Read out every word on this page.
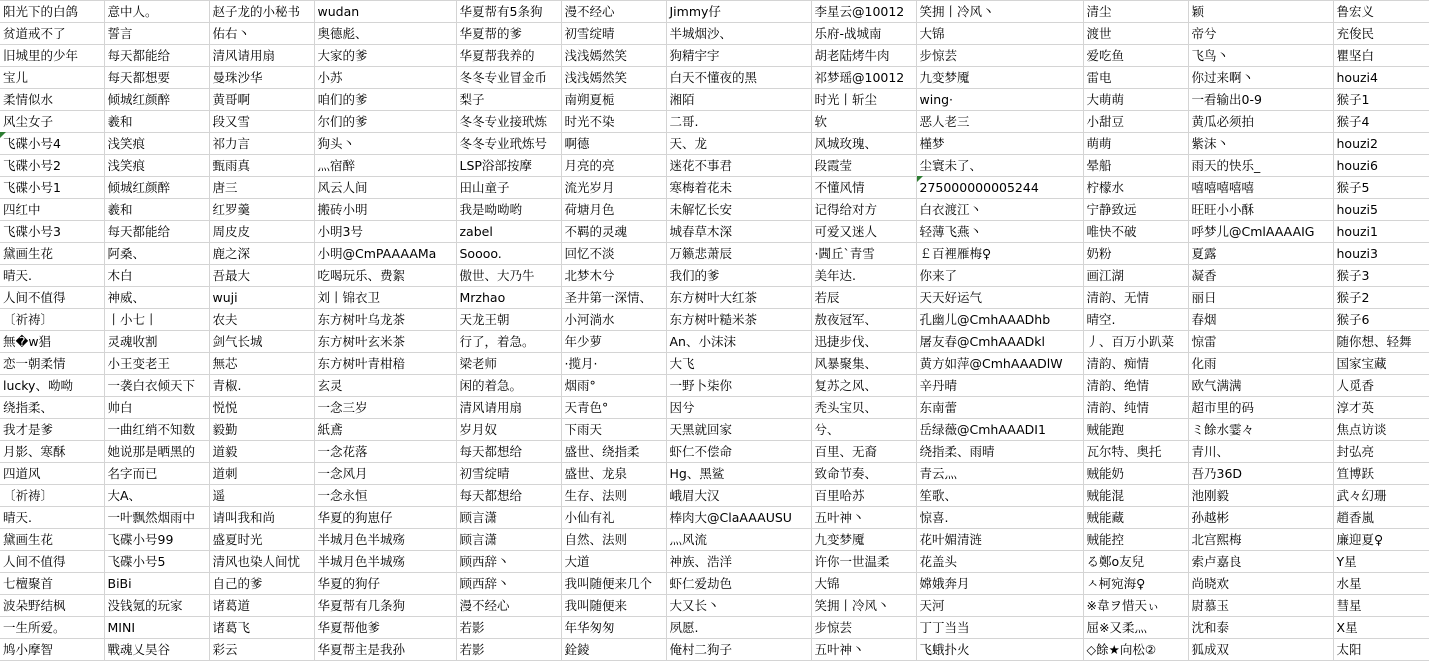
阳光下的白鸽	意中人。	赵子龙的小秘书	wudan	华夏帮有5条狗	漫不经心	Jimmy仔	李星云@10012	笑拥丨冷风丶	清尘	颖	鲁宏义
贫道戒不了	誓言	佑右丶	奥德彪、	华夏帮的爹	初雪绽晴	半城烟沙、	乐府-战城南	大锦	渡世	帝兮	充俊民
旧城里的少年	每天都能给	清风请用扇	大家的爹	华夏帮我养的	浅浅嫣然笑	狗精宇宇	胡老陆烤牛肉	步惊芸	爱吃鱼	飞鸟丶	瞿坚白
宝儿	每天都想要	曼珠沙华	小苏	冬冬专业冒金币	浅浅嫣然笑	白天不懂夜的黑	祁梦瑶@10012	九变梦魇	雷电	你过来啊丶	houzi4
柔情似水	倾城红颜醉	黄哥啊	咱们的爹	梨子	南朔夏栀	湘陌	时光丨斩尘	wing·	大萌萌	一看输出0-9	猴子1
风尘女子	羲和	段又雪	尔们的爹	冬冬专业接玳炼	时光不染	二哥.	软	恶人老三	小甜豆	黄瓜必须拍	猴子4
飞碟小号4	浅笑痕	祁力言	狗头丶	冬冬专业玳炼号	啊德	天、龙	风城玫瑰、	槿梦	萌萌	紫沫丶	houzi2
飞碟小号2	浅笑痕	甄雨真	灬宿醉	LSP浴部按摩	月亮的亮	迷花不事君	段霞莹	尘寰未了、	晕船	雨天的快乐_	houzi6
飞碟小号1	倾城红颜醉	唐三	风云人间	田山童子	流光岁月	寒梅着花未	不懂风情	275000000005244	柠檬水	嘻嘻嘻嘻嘻	猴子5
四红中	羲和	红罗羹	搬砖小明	我是呦呦哟	荷塘月色	未解忆长安	记得给对方	白衣渡江丶	宁静致远	旺旺小小酥	houzi5
飞碟小号3	每天都能给	周皮皮	小明3号	zabel	不羁的灵魂	城春草木深	可爱又迷人	轻薄飞燕丶	唯快不破	呼梦儿@CmlAAAAIG	houzi1
黛画生花	阿桑、	鹿之深	小明@CmPAAAAMa	Soooo.	回忆不淡	万籁悲萧辰	·閪丘`青雪	￡百裡雁梅♀	奶粉	夏露	houzi3
晴天.	木白	吾最大	吃喝玩乐、费絮	傲世、大乃牛	北梦木兮	我们的爹	美年达.	你来了	画江湖	凝香	猴子3
人间不值得	神威、	wuji	刘丨锦衣卫	Mrzhao	圣井第一深情、	东方树叶大红茶	若辰	天天好运气	清韵、无情	丽日	猴子2
〔祈祷〕	丨小七丨	农夫	东方树叶乌龙茶	天龙王朝	小河淌水	东方树叶糙米茶	敖夜冠军、	孔幽儿@CmhAAADhb	晴空.	春烟	猴子6
無�w猖	灵魂收割	剑气长城	东方树叶玄米茶	行了，着急。	年少萝	An、小沫沫	迅捷步伐、	屠友春@CmhAAADkl	丿、百万小趴菜	惊雷	随你想、轻舞
恋一朝柔情	小王变老王	無芯	东方树叶青柑䅧	梁老师	·揽月·	大飞	风暴聚集、	黄方如萍@CmhAAADlW	清韵、痴情	化雨	国家宝藏
lucky、呦呦	一袭白衣倾天下	青椒.	玄灵	闲的着急。	烟雨°	一野卜柒你	复苏之风、	辛丹晴	清韵、绝情	欧气满满	人觅香
绕指柔、	帅白	悦悦	一念三岁	清风请用扇	天青色°	因兮	秃头宝贝、	东南蕾	清韵、纯情	超市里的码	淳才英
我才是爹	一曲红绡不知数	毅勤	紙鳶	岁月奴	下雨天	天黑就回家	兮、	岳绿薇@CmhAAADI1	贼能跑	ミ餘水霎々	焦点访谈
月影、寒酥	她说那是晒黑的	道毅	一念花落	每天都想给	盛世、绕指柔	虾仁不偿命	百里、无裔	绕指柔、雨晴	瓦尔特、奥托	青川、	封弘亮
四道风	名字而已	道刺	一念风月	初雪绽晴	盛世、龙泉	Hg、黑鲨	致命节奏、	青云灬	贼能奶	吾乃36D	笪博跃
〔祈祷〕	大A、	遥	一念永恒	每天都想给	生存、法则	峨眉大汉	百里哈苏	笙歌、	贼能混	池刚毅	武々幻珊
晴天.	一叶飘然烟雨中	请叫我和尚	华夏的狗崽仔	顾言潇	小仙有礼	棒肉大@ClaAAAUSU	五叶神丶	惊喜.	贼能藏	孙越彬	趙香嵐
黛画生花	飞碟小号99	盛夏时光	半城月色半城殇	顾言潇	自然、法则	灬风流	九变梦魇	花叶媚清涟	贼能控	北宫熙梅	廉迎夏♀
人间不值得	飞碟小号5	清风也染人间忧	半城月色半城殇	顾西辞丶	大道	神族、浩洋	许你一世温柔	花盖头	る鄭o友兒	索卢嘉良	Y星
七檀聚首	BiBi	自己的爹	华夏的狗仔	顾西辞丶	我叫随便来几个	虾仁爱劫色	大锦	嫦娥奔月	ㅅ柯宛海♀	尚晓欢	水星
波朵野结枫	没钱氪的玩家	诸葛道	华夏帮有几条狗	漫不经心	我叫随便来	大又长丶	笑拥丨冷风丶	天河	※韋ヲ惜天ぃ	尉慕玉	彗星
一生所爱。	MINI	诸葛飞	华夏帮他爹	若影	年华匆匆	夙愿.	步惊芸	丁丁当当	屈※又柔灬	沈和泰	X星
鸠小摩智	戰魂乂昊谷	彩云	华夏帮主是我孙	若影	銓錂	俺村二狗子	五叶神丶	飞蛾扑火	◇餘★向松②	狐成双	太阳
